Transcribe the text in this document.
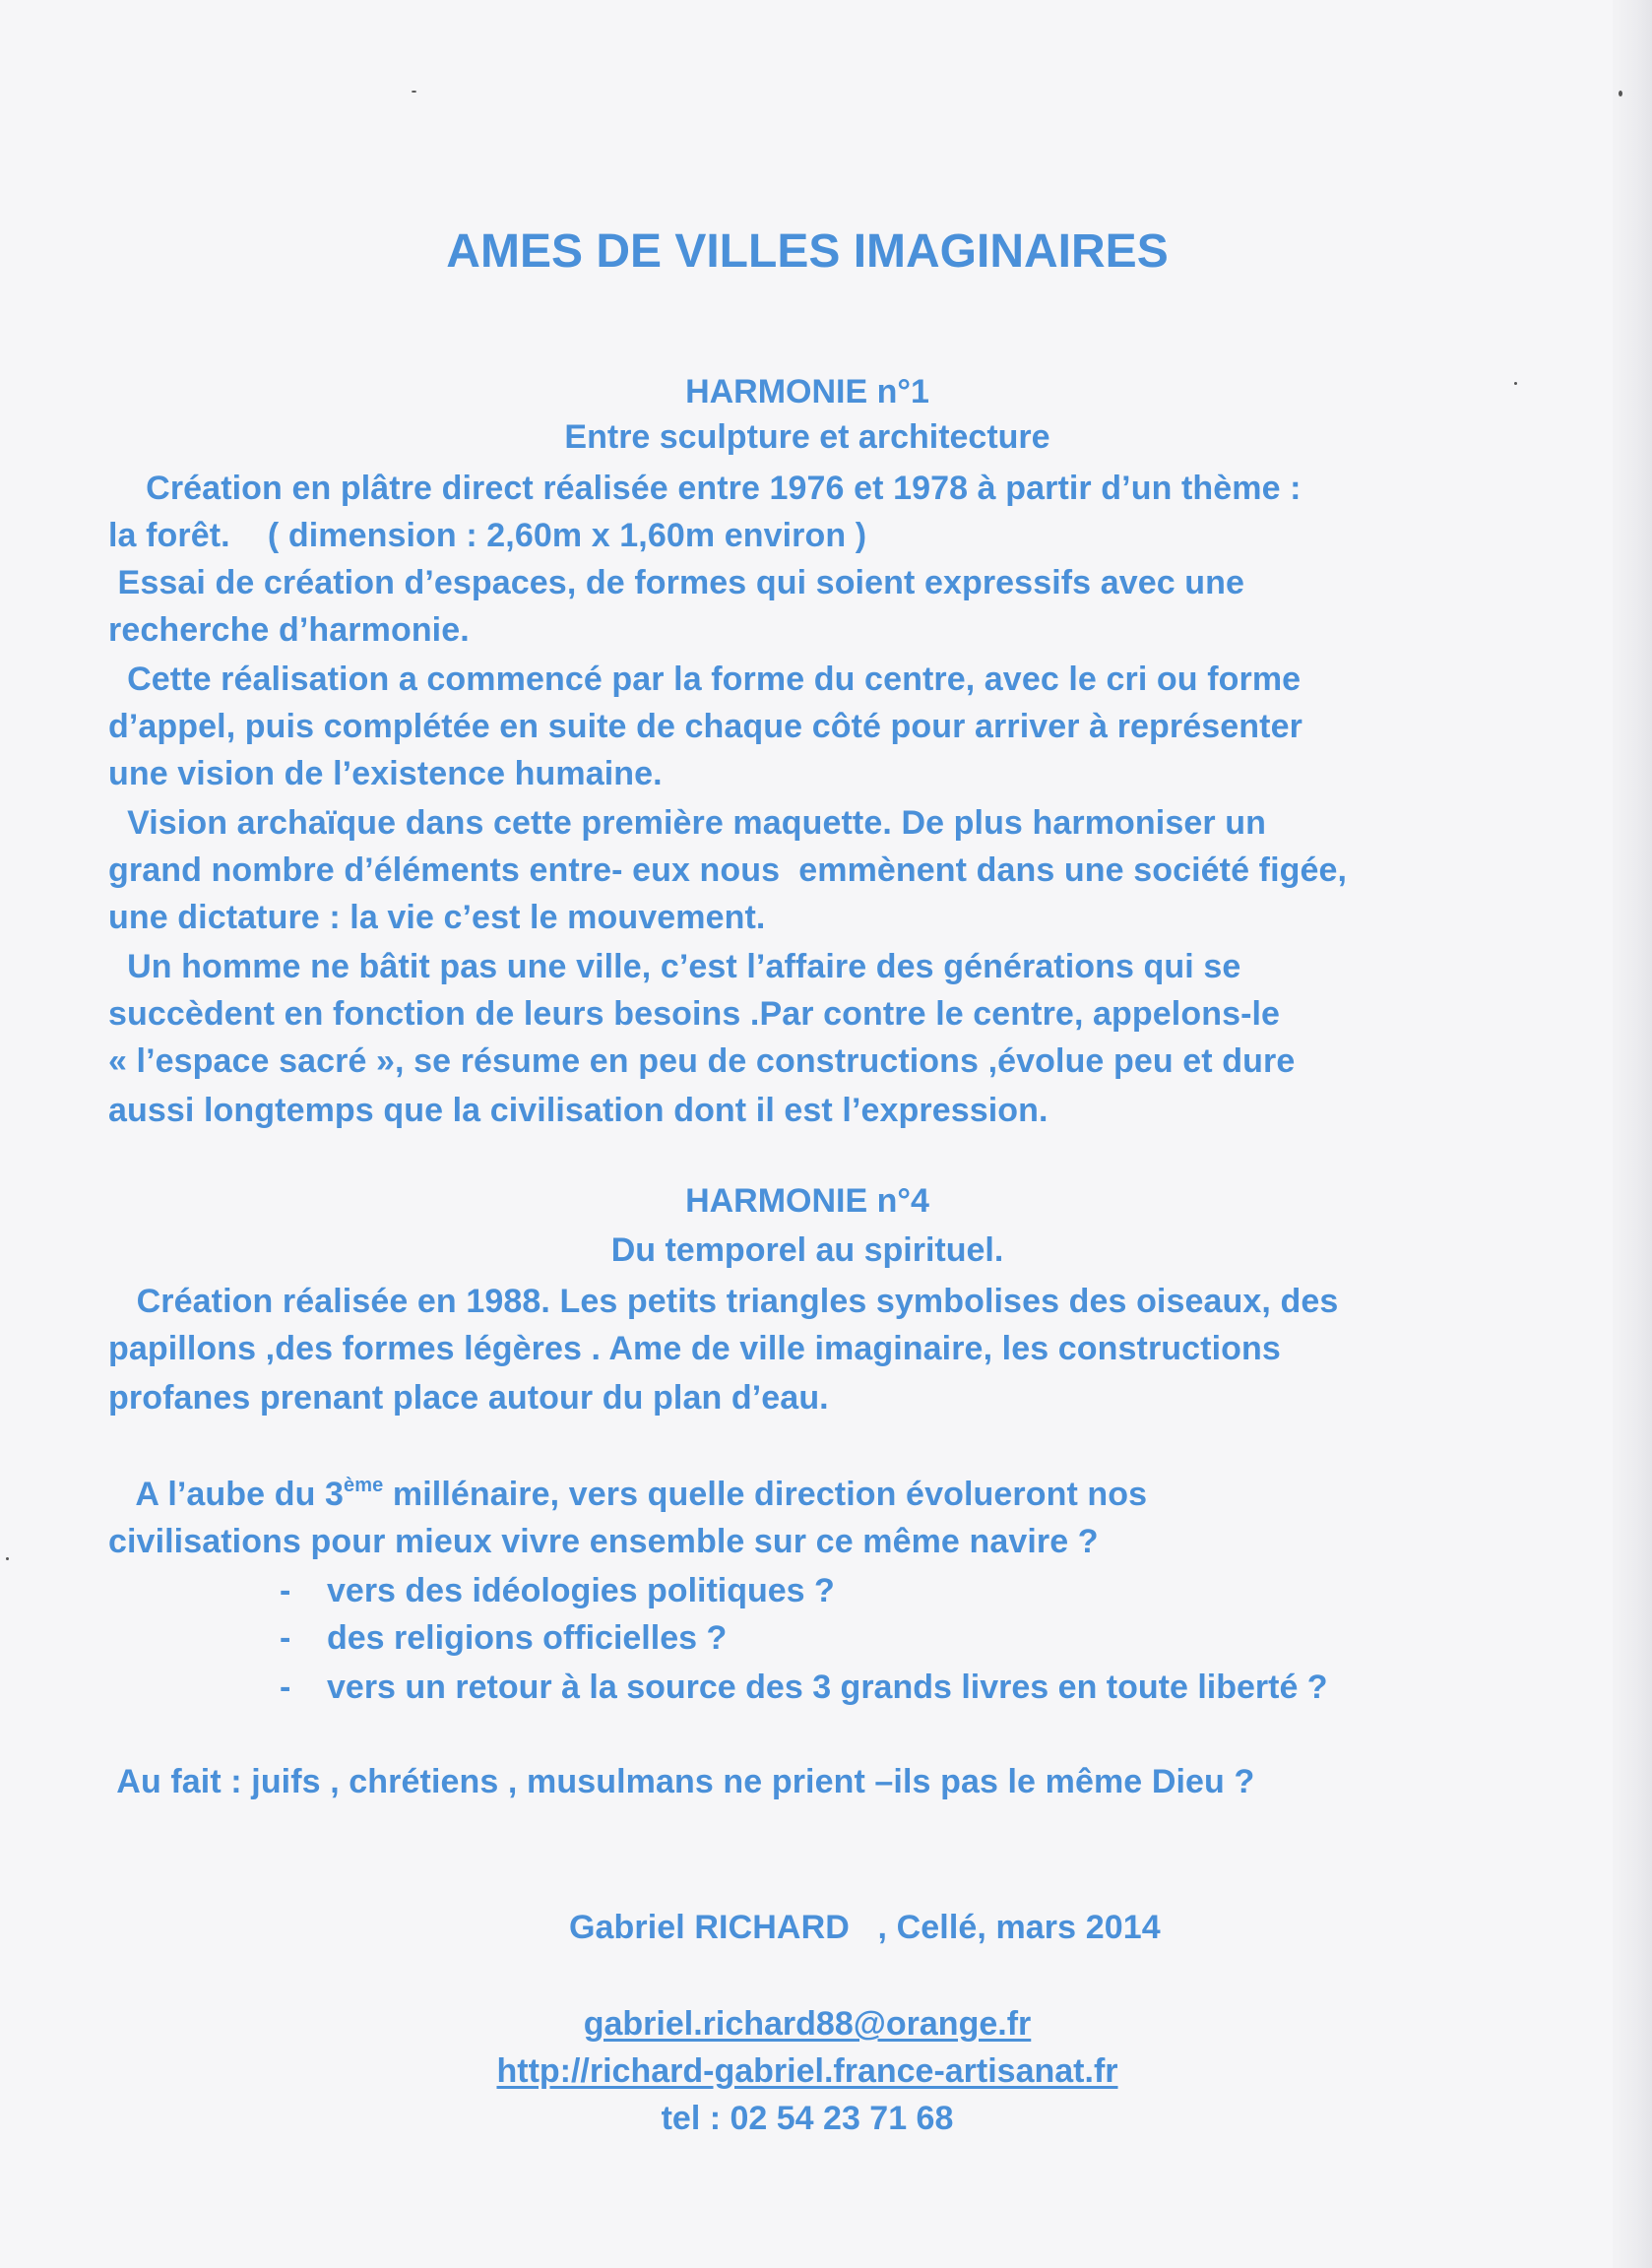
AMES DE VILLES IMAGINAIRES
HARMONIE n°1
Entre sculpture et architecture
Création en plâtre direct réalisée entre 1976 et 1978 à partir d’un thème :
la forêt.    ( dimension : 2,60m x 1,60m environ )
Essai de création d’espaces, de formes qui soient expressifs avec une
recherche d’harmonie.
Cette réalisation a commencé par la forme du centre, avec le cri ou forme
d’appel, puis complétée en suite de chaque côté pour arriver à représenter
une vision de l’existence humaine.
Vision archaïque dans cette première maquette. De plus harmoniser un
grand nombre d’éléments entre- eux nous  emmènent dans une société figée,
une dictature : la vie c’est le mouvement.
Un homme ne bâtit pas une ville, c’est l’affaire des générations qui se
succèdent en fonction de leurs besoins .Par contre le centre, appelons-le
« l’espace sacré », se résume en peu de constructions ,évolue peu et dure
aussi longtemps que la civilisation dont il est l’expression.
HARMONIE n°4
Du temporel au spirituel.
Création réalisée en 1988. Les petits triangles symbolises des oiseaux, des
papillons ,des formes légères . Ame de ville imaginaire, les constructions
profanes prenant place autour du plan d’eau.
A l’aube du 3ème millénaire, vers quelle direction évolueront nos
civilisations pour mieux vivre ensemble sur ce même navire ?
- vers des idéologies politiques ?
- des religions officielles ?
- vers un retour à la source des 3 grands livres en toute liberté ?
Au fait : juifs , chrétiens , musulmans ne prient –ils pas le même Dieu ?
Gabriel RICHARD   , Cellé, mars 2014
gabriel.richard88@orange.fr
http://richard-gabriel.france-artisanat.fr
tel : 02 54 23 71 68
